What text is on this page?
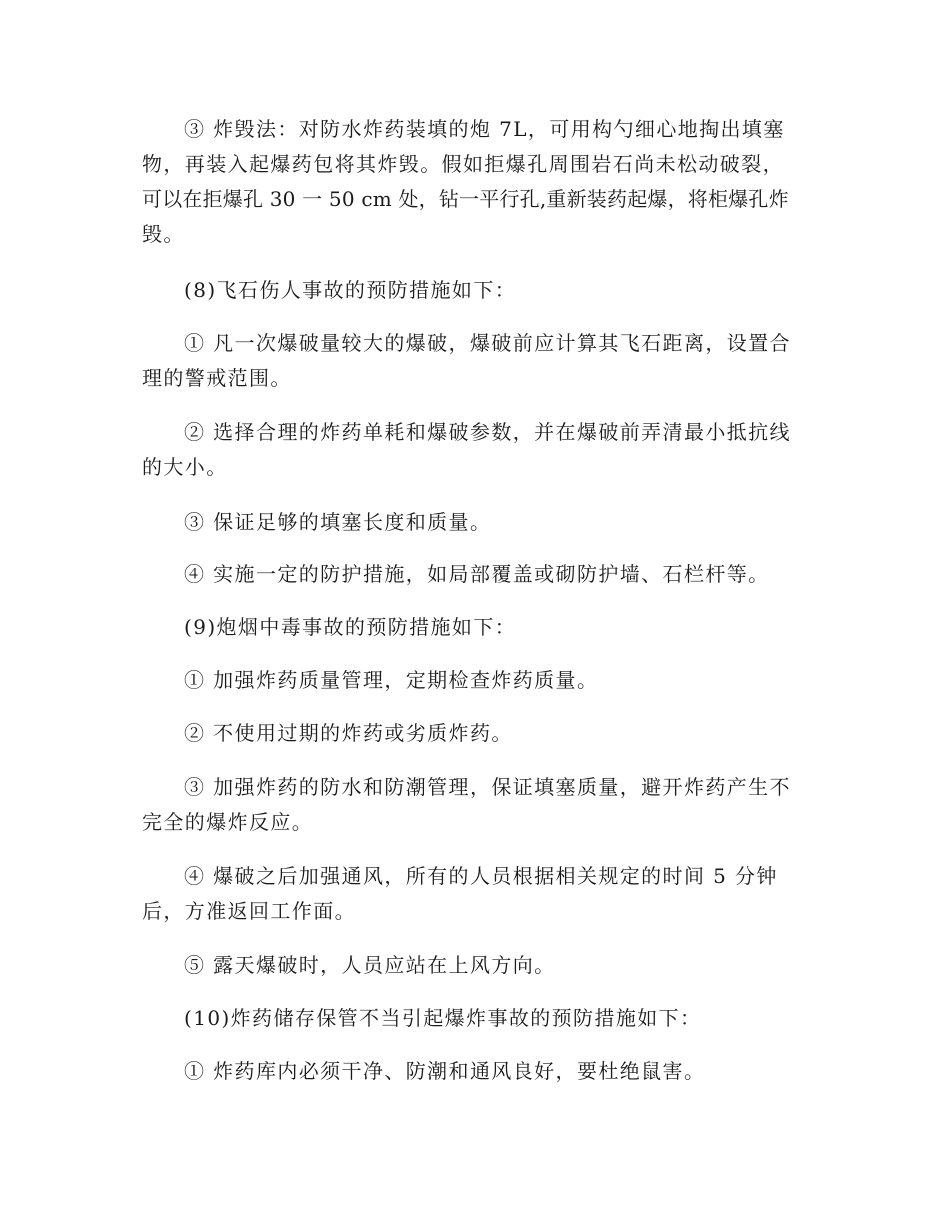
③ 炸毁法：对防水炸药装填的炮 7L，可用构勺细心地掏出填塞
物，再装入起爆药包将其炸毁。假如拒爆孔周围岩石尚未松动破裂，
可以在拒爆孔 30 一 50 cm 处，钻一平行孔,重新装药起爆，将柜爆孔炸
毁。

(8)飞石伤人事故的预防措施如下：

① 凡一次爆破量较大的爆破，爆破前应计算其飞石距离，设置合
理的警戒范围。

② 选择合理的炸药单耗和爆破参数，并在爆破前弄清最小抵抗线
的大小。

③ 保证足够的填塞长度和质量。

④ 实施一定的防护措施，如局部覆盖或砌防护墙、石栏杆等。

(9)炮烟中毒事故的预防措施如下：

① 加强炸药质量管理，定期检查炸药质量。

② 不使用过期的炸药或劣质炸药。

③ 加强炸药的防水和防潮管理，保证填塞质量，避开炸药产生不
完全的爆炸反应。

④ 爆破之后加强通风，所有的人员根据相关规定的时间 5 分钟
后，方准返回工作面。

⑤ 露天爆破时，人员应站在上风方向。

(10)炸药储存保管不当引起爆炸事故的预防措施如下：

① 炸药库内必须干净、防潮和通风良好，要杜绝鼠害。
